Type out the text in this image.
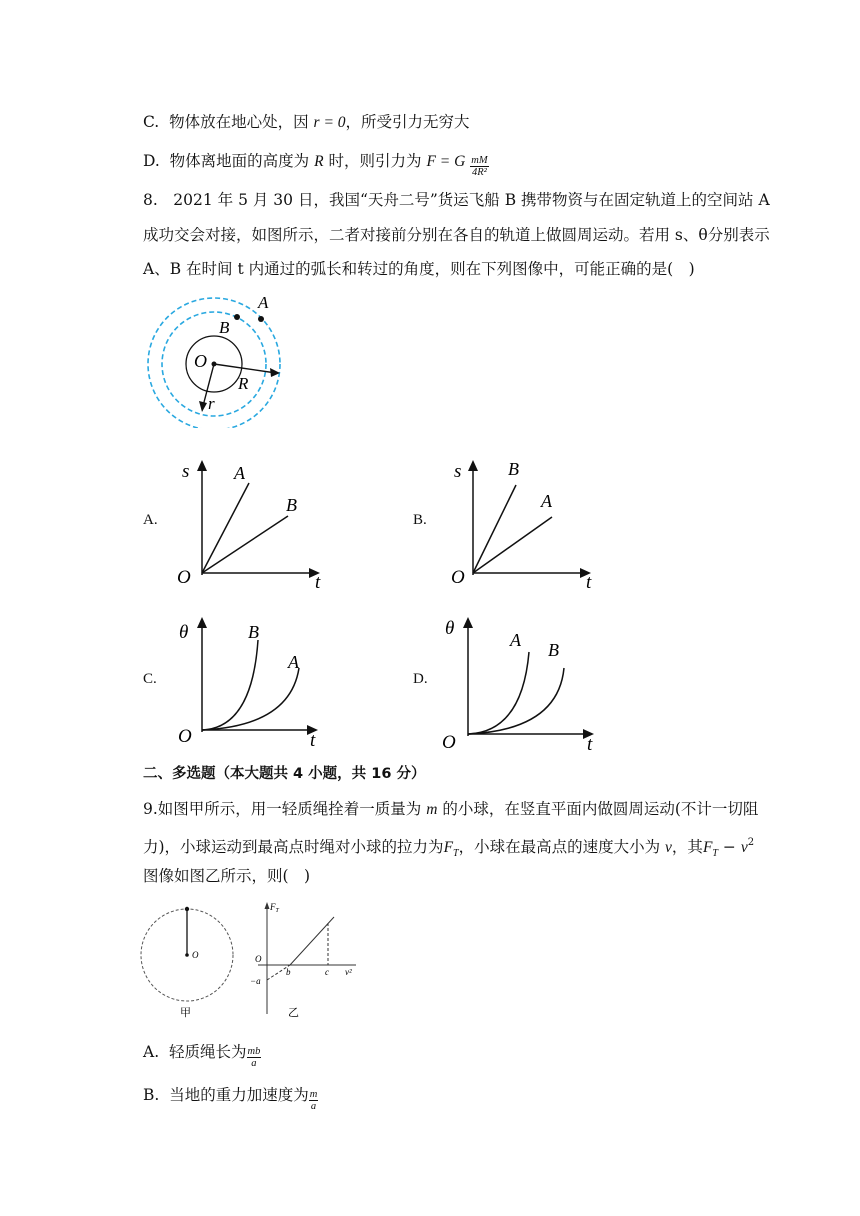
C. 物体放在地心处，因 r = 0，所受引力无穷大
D. 物体离地面的高度为 R 时，则引力为 F = G $\frac{mM}{\text{4R²}}$
8.　2021 年 5 月 30 日，我国“天舟二号”货运飞船 B 携带物资与在固定轨道上的空间站 A
成功交会对接，如图所示，二者对接前分别在各自的轨道上做圆周运动。若用 s、θ分别表示
A、B 在时间 t 内通过的弧长和转过的角度，则在下列图像中，可能正确的是(　)
A
B
O
R
r
A.
s
t
O
A
B
B.
s
t
O
B
A
C.
θ
t
O
B
A
D.
θ
t
O
A B
二、多选题（本大题共 4 小题，共 16 分）
9.如图甲所示，用一轻质绳拴着一质量为 m 的小球，在竖直平面内做圆周运动(不计一切阻
力)，小球运动到最高点时绳对小球的拉力为$F_T$，小球在最高点的速度大小为 v，其$F_T - v^2$
图像如图乙所示，则(　)
O
甲
$F_T$
O
b	c v²
−a
乙
A. 轻质绳长为 $\frac{mb}{a}$
B. 当地的重力加速度为 $\frac{m}{a}$
